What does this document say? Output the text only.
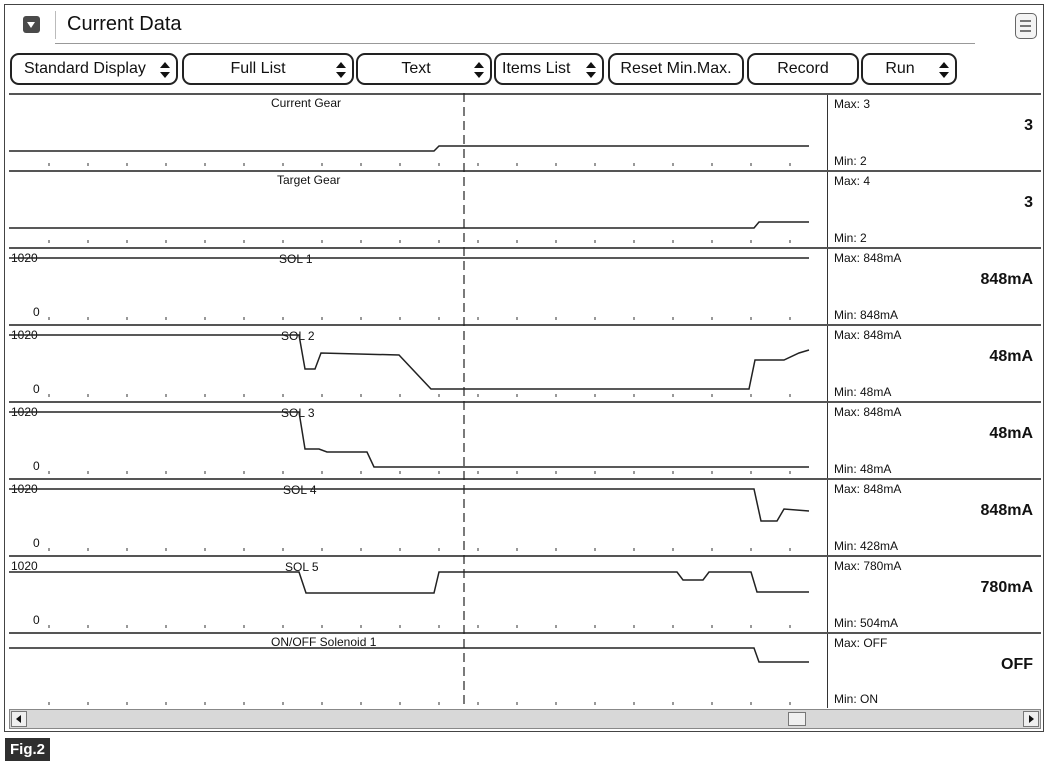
Current Data
Standard Display	Full List	Text	Items List	Reset Min.Max.	Record	Run
Current Gear	Max: 3
3
Min: 2
Target Gear	Max: 4
3
Min: 2
1020
0
SOL 1	Max: 848mA
848mA
Min: 848mA
1020
0
SOL 2	Max: 848mA
48mA
Min: 48mA
1020
0
SOL 3	Max: 848mA
48mA
Min: 48mA
1020
0
SOL 4	Max: 848mA
848mA
Min: 428mA
1020
0
SOL 5	Max: 780mA
780mA
Min: 504mA
ON/OFF Solenoid 1	Max: OFF
OFF
Min: ON
Fig.2
